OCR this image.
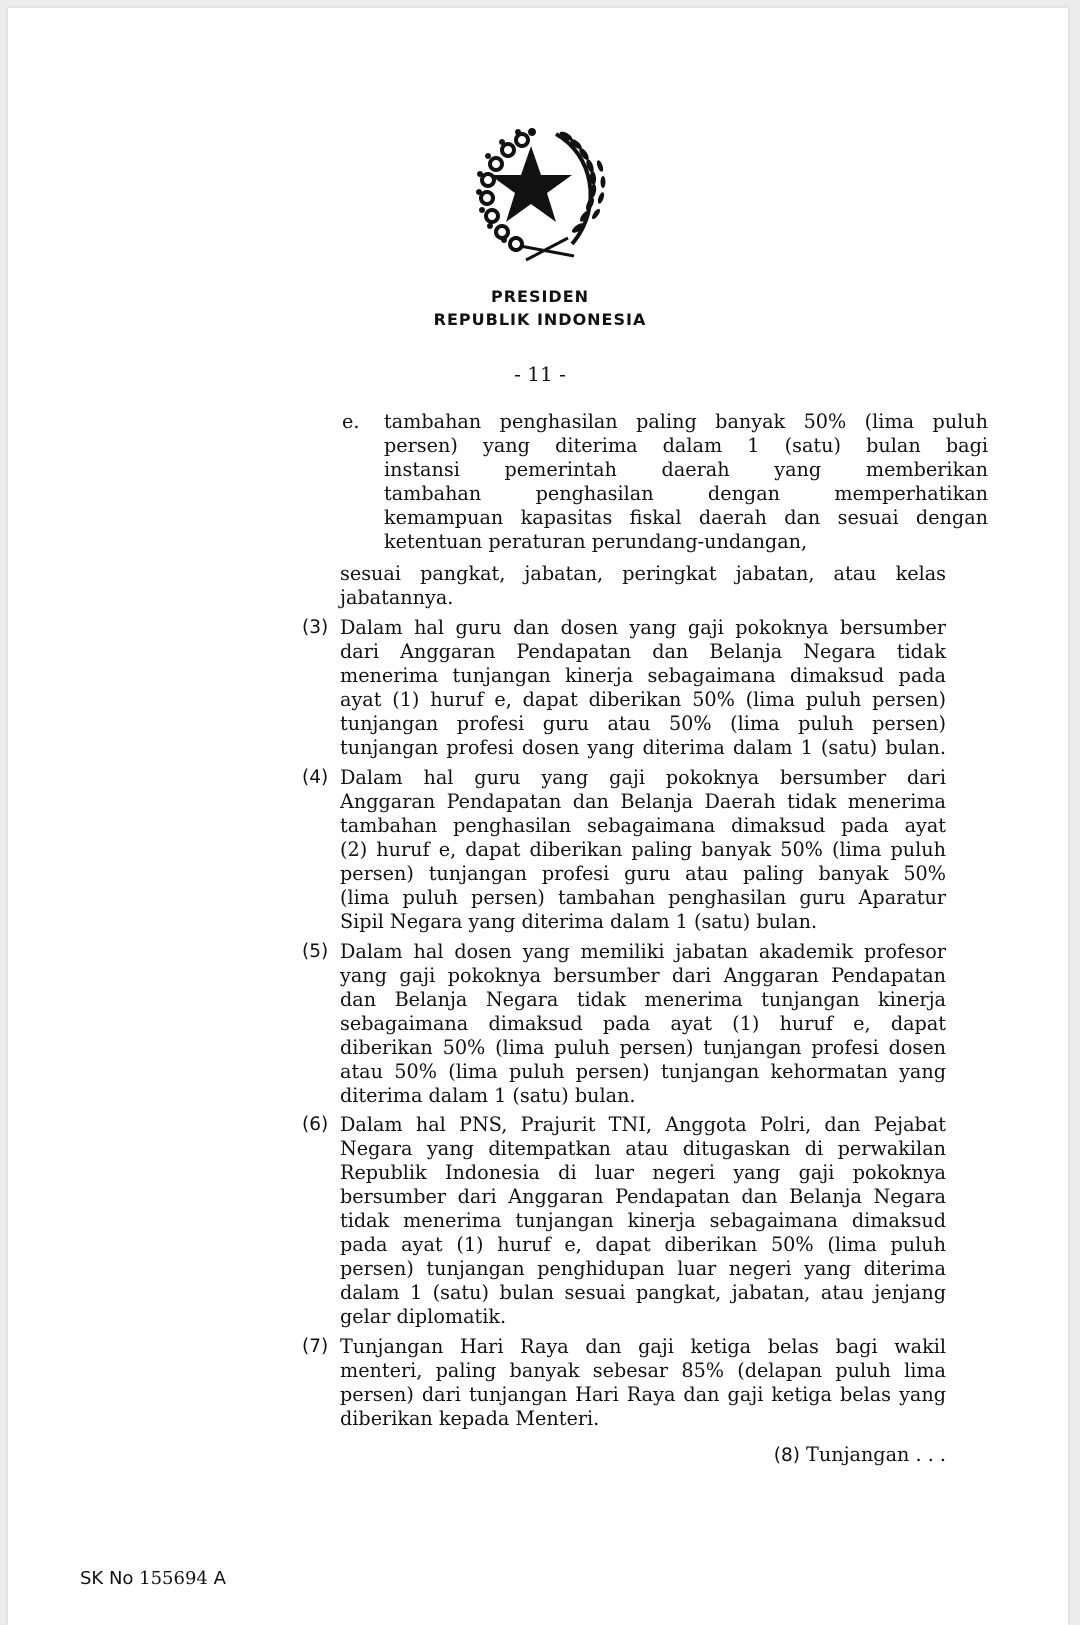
PRESIDEN
REPUBLIK INDONESIA
- 11 -
e. tambahan penghasilan paling banyak 50% (lima puluh
persen) yang diterima dalam 1 (satu) bulan bagi
instansi pemerintah daerah yang memberikan
tambahan penghasilan dengan memperhatikan
kemampuan kapasitas fiskal daerah dan sesuai dengan
ketentuan peraturan perundang-undangan,
sesuai pangkat, jabatan, peringkat jabatan, atau kelas
jabatannya.
(3) Dalam hal guru dan dosen yang gaji pokoknya bersumber
dari Anggaran Pendapatan dan Belanja Negara tidak
menerima tunjangan kinerja sebagaimana dimaksud pada
ayat (1) huruf e, dapat diberikan 50% (lima puluh persen)
tunjangan profesi guru atau 50% (lima puluh persen)
tunjangan profesi dosen yang diterima dalam 1 (satu) bulan.
(4) Dalam hal guru yang gaji pokoknya bersumber dari
Anggaran Pendapatan dan Belanja Daerah tidak menerima
tambahan penghasilan sebagaimana dimaksud pada ayat
(2) huruf e, dapat diberikan paling banyak 50% (lima puluh
persen) tunjangan profesi guru atau paling banyak 50%
(lima puluh persen) tambahan penghasilan guru Aparatur
Sipil Negara yang diterima dalam 1 (satu) bulan.
(5) Dalam hal dosen yang memiliki jabatan akademik profesor
yang gaji pokoknya bersumber dari Anggaran Pendapatan
dan Belanja Negara tidak menerima tunjangan kinerja
sebagaimana dimaksud pada ayat (1) huruf e, dapat
diberikan 50% (lima puluh persen) tunjangan profesi dosen
atau 50% (lima puluh persen) tunjangan kehormatan yang
diterima dalam 1 (satu) bulan.
(6) Dalam hal PNS, Prajurit TNI, Anggota Polri, dan Pejabat
Negara yang ditempatkan atau ditugaskan di perwakilan
Republik Indonesia di luar negeri yang gaji pokoknya
bersumber dari Anggaran Pendapatan dan Belanja Negara
tidak menerima tunjangan kinerja sebagaimana dimaksud
pada ayat (1) huruf e, dapat diberikan 50% (lima puluh
persen) tunjangan penghidupan luar negeri yang diterima
dalam 1 (satu) bulan sesuai pangkat, jabatan, atau jenjang
gelar diplomatik.
(7) Tunjangan Hari Raya dan gaji ketiga belas bagi wakil
menteri, paling banyak sebesar 85% (delapan puluh lima
persen) dari tunjangan Hari Raya dan gaji ketiga belas yang
diberikan kepada Menteri.
(8) Tunjangan . . .
SK No 155694 A
